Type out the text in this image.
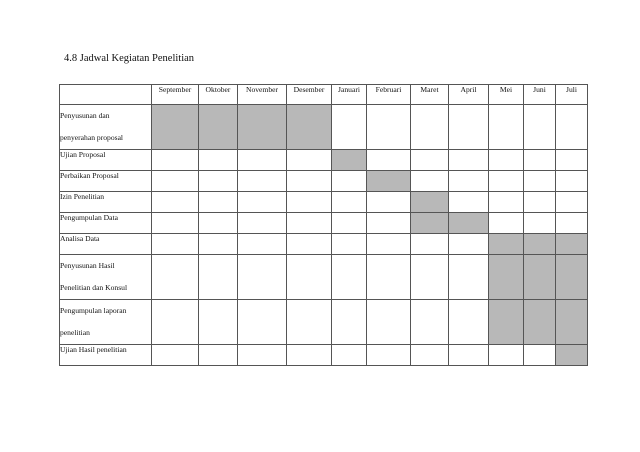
4.8 Jadwal Kegiatan Penelitian
	September	Oktober	November	Desember	Januari	Februari	Maret	April	Mei	Juni	Juli

Penyusunan dan
penyerahan proposal											

Ujian Proposal											

Perbaikan Proposal											

Izin Penelitian											

Pengumpulan Data											

Analisa Data											

Penyusunan Hasil
Penelitian dan Konsul											

Pengumpulan laporan
penelitian											

Ujian Hasil penelitian											
